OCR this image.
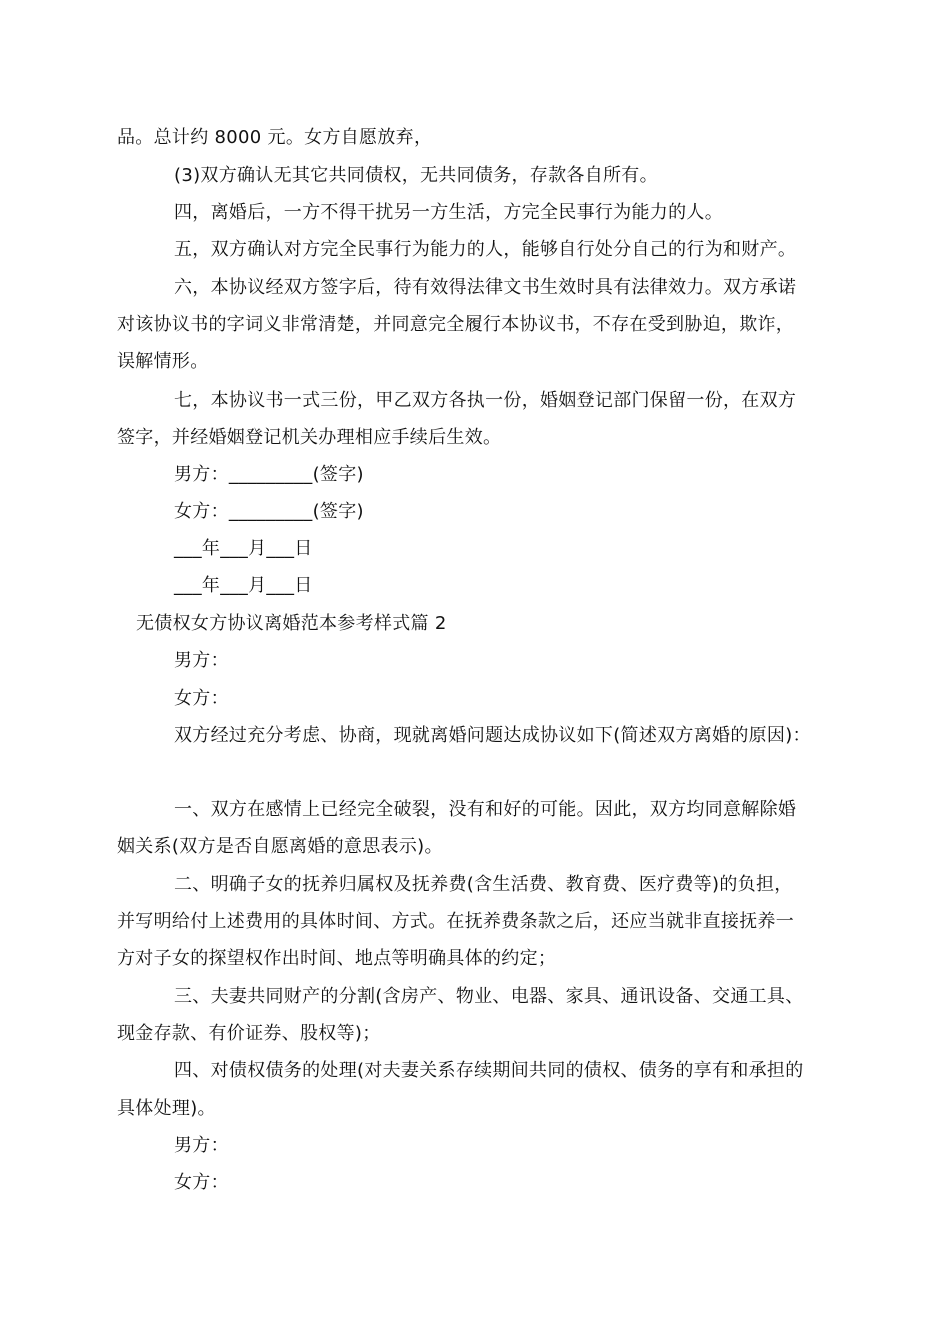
品。总计约 8000 元。女方自愿放弃，
(3)双方确认无其它共同债权，无共同债务，存款各自所有。
四，离婚后，一方不得干扰另一方生活，方完全民事行为能力的人。
五，双方确认对方完全民事行为能力的人，能够自行处分自己的行为和财产。
六，本协议经双方签字后，待有效得法律文书生效时具有法律效力。双方承诺
对该协议书的字词义非常清楚，并同意完全履行本协议书，不存在受到胁迫，欺诈，
误解情形。
七，本协议书一式三份，甲乙双方各执一份，婚姻登记部门保留一份，在双方
签字，并经婚姻登记机关办理相应手续后生效。
男方：_________(签字)
女方：_________(签字)
___年___月___日
___年___月___日
无债权女方协议离婚范本参考样式篇 2
男方：
女方：
双方经过充分考虑、协商，现就离婚问题达成协议如下(简述双方离婚的原因)：
一、双方在感情上已经完全破裂，没有和好的可能。因此，双方均同意解除婚
姻关系(双方是否自愿离婚的意思表示)。
二、明确子女的抚养归属权及抚养费(含生活费、教育费、医疗费等)的负担，
并写明给付上述费用的具体时间、方式。在抚养费条款之后，还应当就非直接抚养一
方对子女的探望权作出时间、地点等明确具体的约定；
三、夫妻共同财产的分割(含房产、物业、电器、家具、通讯设备、交通工具、
现金存款、有价证券、股权等)；
四、对债权债务的处理(对夫妻关系存续期间共同的债权、债务的享有和承担的
具体处理)。
男方：
女方：
